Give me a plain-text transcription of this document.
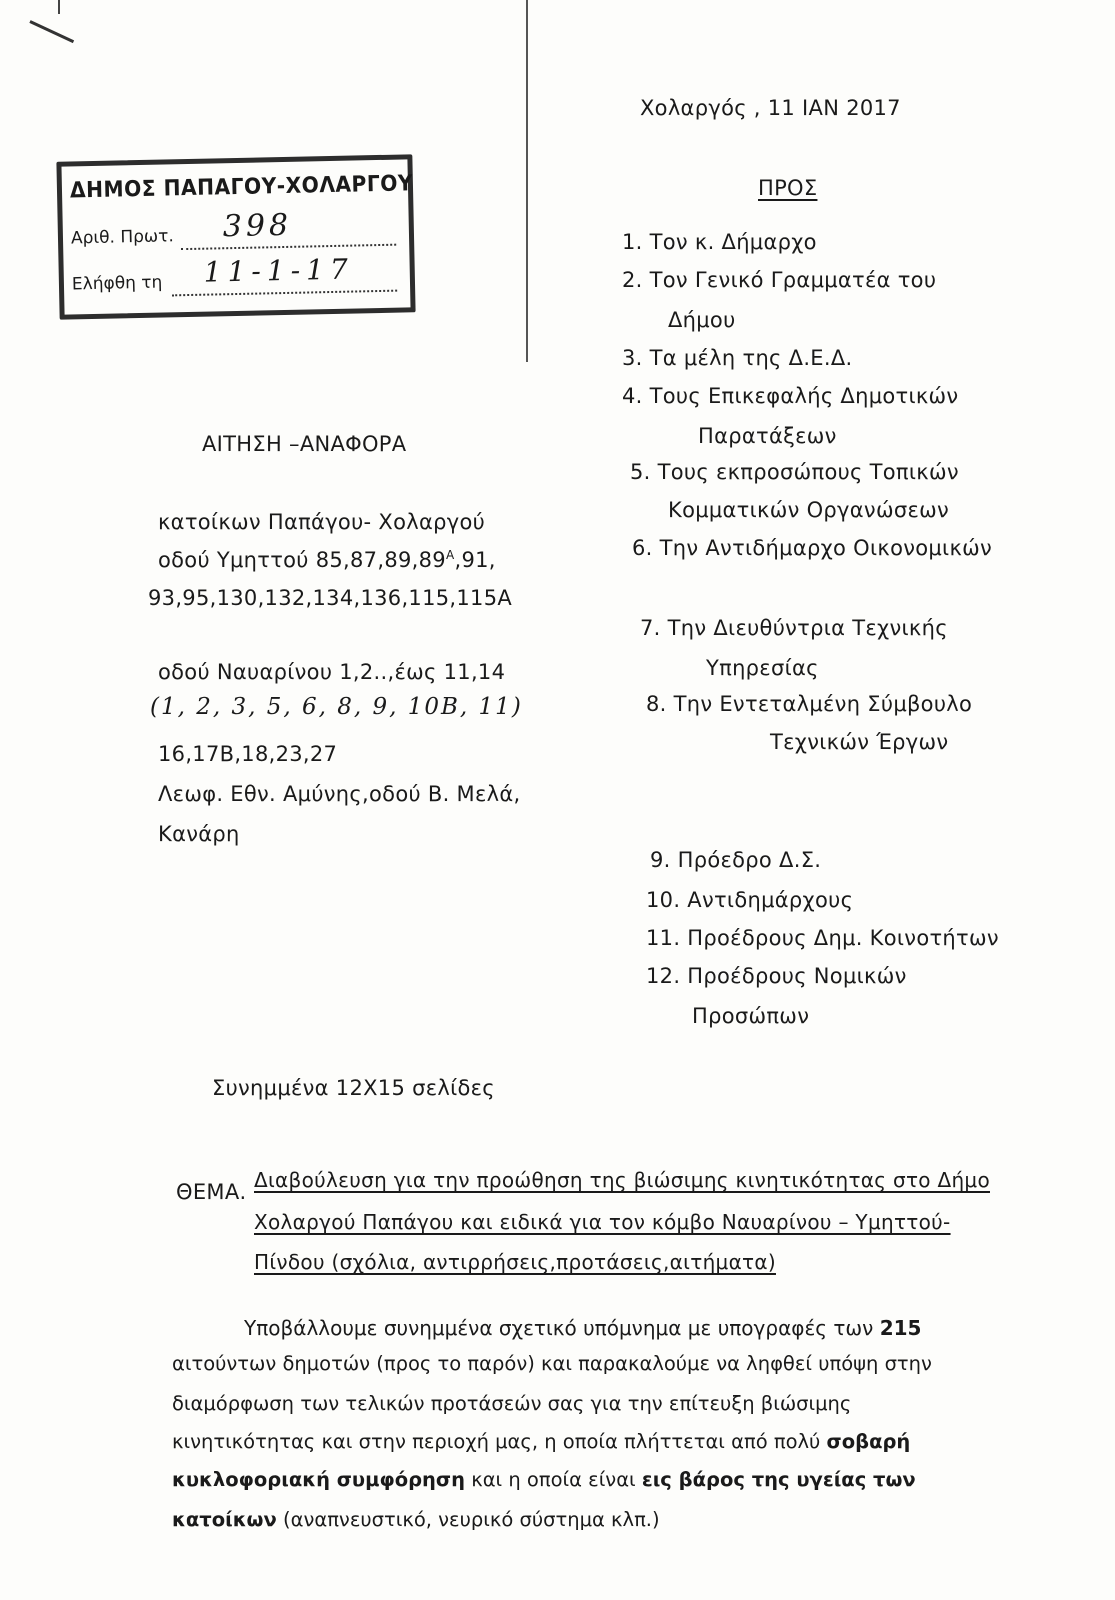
ΔΗΜΟΣ ΠΑΠΑΓΟΥ-ΧΟΛΑΡΓΟΥ
Αριθ. Πρωτ. 398
Ελήφθη τη 11-1-17
Χολαργός , 11 ΙΑΝ 2017
ΠΡΟΣ
1. Τον κ. Δήμαρχο
2. Τον Γενικό Γραμματέα του
Δήμου
3. Τα μέλη της Δ.Ε.Δ.
4. Τους Επικεφαλής Δημοτικών
Παρατάξεων
5. Τους εκπροσώπους Τοπικών
Κομματικών Οργανώσεων
6. Την Αντιδήμαρχο Οικονομικών
7. Την Διευθύντρια Τεχνικής
Υπηρεσίας
8. Την Εντεταλμένη Σύμβουλο
Τεχνικών Έργων
9. Πρόεδρο Δ.Σ.
10. Αντιδημάρχους
11. Προέδρους Δημ. Κοινοτήτων
12. Προέδρους Νομικών
Προσώπων
ΑΙΤΗΣΗ –ΑΝΑΦΟΡΑ
κατοίκων Παπάγου- Χολαργού
οδού Υμηττού $85,87,89,89^A,91$,
93,95,130,132,134,136,115,115Α
οδού Ναυαρίνου 1,2..,έως 11,14
(1, 2, 3, 5, 6, 8, 9, 10Β, 11)
16,17Β,18,23,27
Λεωφ. Εθν. Αμύνης,οδού Β. Μελά,
Κανάρη
Συνημμένα 12Χ15 σελίδες
ΘΕΜΑ. Διαβούλευση για την προώθηση της βιώσιμης κινητικότητας στο Δήμο
Χολαργού Παπάγου και ειδικά για τον κόμβο Ναυαρίνου – Υμηττού-
Πίνδου (σχόλια, αντιρρήσεις,προτάσεις,αιτήματα)
Υποβάλλουμε συνημμένα σχετικό υπόμνημα με υπογραφές των 215
αιτούντων δημοτών (προς το παρόν) και παρακαλούμε να ληφθεί υπόψη στην
διαμόρφωση των τελικών προτάσεών σας για την επίτευξη βιώσιμης
κινητικότητας και στην περιοχή μας, η οποία πλήττεται από πολύ σοβαρή
κυκλοφοριακή συμφόρηση και η οποία είναι εις βάρος της υγείας των
κατοίκων (αναπνευστικό, νευρικό σύστημα κλπ.)
